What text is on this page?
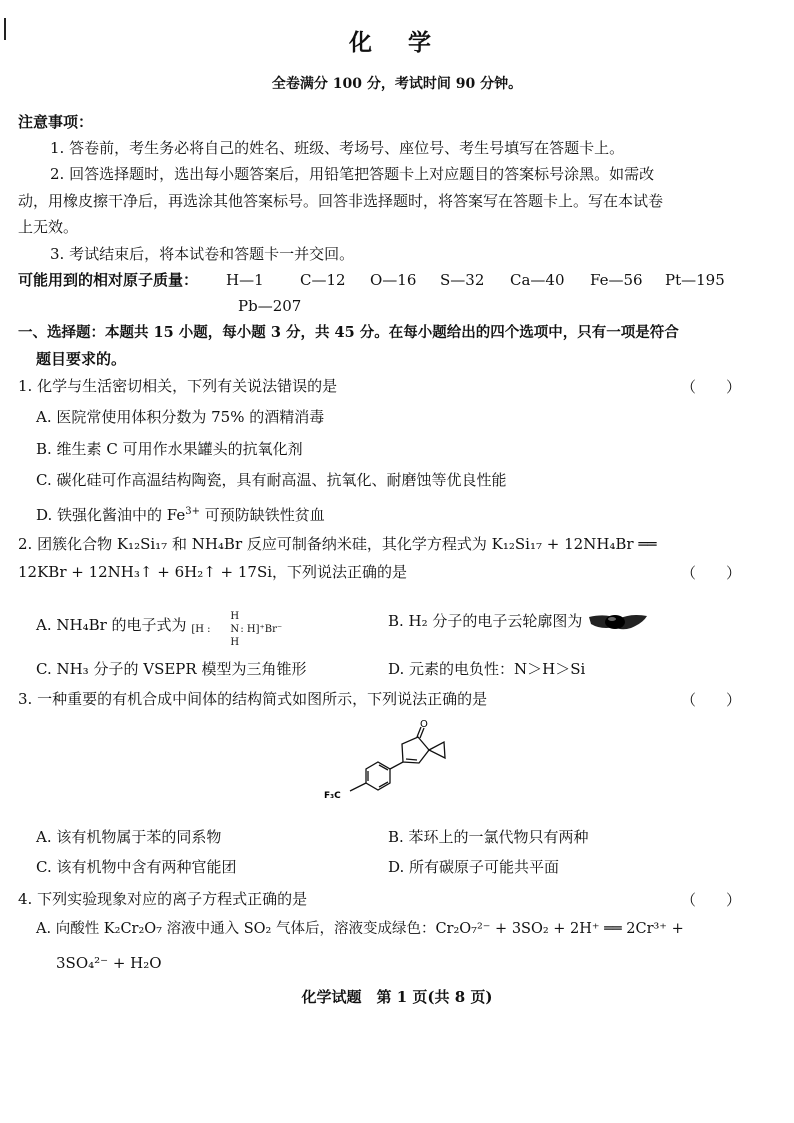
化 学
全卷满分 100 分，考试时间 90 分钟。
注意事项：
1. 答卷前，考生务必将自己的姓名、班级、考场号、座位号、考生号填写在答题卡上。
2. 回答选择题时，选出每小题答案后，用铅笔把答题卡上对应题目的答案标号涂黑。如需改
动，用橡皮擦干净后，再选涂其他答案标号。回答非选择题时，将答案写在答题卡上。写在本试卷
上无效。
3. 考试结束后，将本试卷和答题卡一并交回。
可能用到的相对原子质量： H—1 C—12 O—16 S—32 Ca—40 Fe—56 Pt—195
Pb—207
一、选择题：本题共 15 小题，每小题 3 分，共 45 分。在每小题给出的四个选项中，只有一项是符合
题目要求的。
1. 化学与生活密切相关，下列有关说法错误的是	（　　）
A. 医院常使用体积分数为 75% 的酒精消毒
B. 维生素 C 可用作水果罐头的抗氧化剂
C. 碳化硅可作高温结构陶瓷，具有耐高温、抗氧化、耐磨蚀等优良性能
D. 铁强化酱油中的 $Fe^{3+}$ 可预防缺铁性贫血
2. 团簇化合物 K₁₂Si₁₇ 和 NH₄Br 反应可制备纳米硅，其化学方程式为 K₁₂Si₁₇ + 12NH₄Br ══
12KBr + 12NH₃↑ + 6H₂↑ + 17Si，下列说法正确的是	（　　）
A. NH₄Br 的电子式为 [H :
H
N
H
: H]⁺Br⁻	B. H₂ 分子的电子云轮廓图为
C. NH₃ 分子的 VSEPR 模型为三角锥形	D. 元素的电负性：N＞H＞Si
3. 一种重要的有机合成中间体的结构简式如图所示，下列说法正确的是	（　　）
O
F₃C
A. 该有机物属于苯的同系物	B. 苯环上的一氯代物只有两种
C. 该有机物中含有两种官能团	D. 所有碳原子可能共平面
4. 下列实验现象对应的离子方程式正确的是	（　　）
A. 向酸性 K₂Cr₂O₇ 溶液中通入 SO₂ 气体后，溶液变成绿色：Cr₂O₇²⁻ + 3SO₂ + 2H⁺ ══ 2Cr³⁺ +
3SO₄²⁻ + H₂O
化学试题　第 1 页(共 8 页)
